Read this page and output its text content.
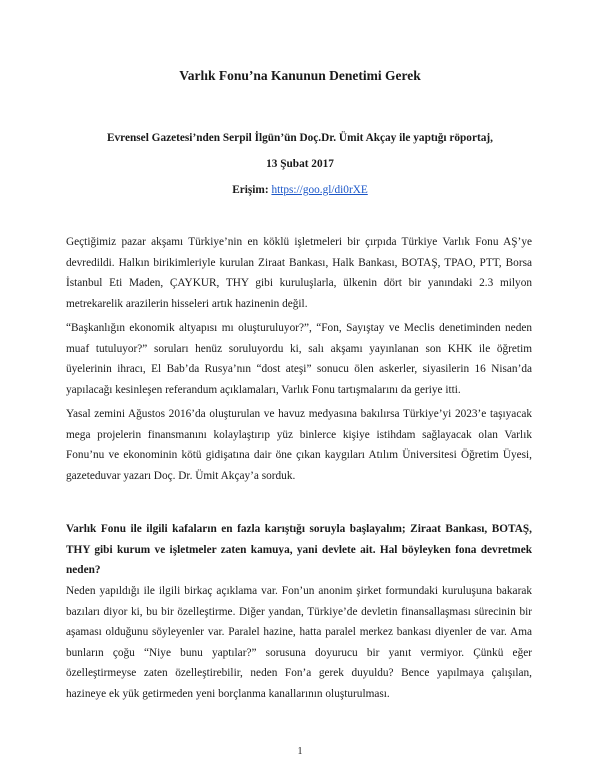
Varlık Fonu’na Kanunun Denetimi Gerek

Evrensel Gazetesi’nden Serpil İlgün’ün Doç.Dr. Ümit Akçay ile yaptığı röportaj,

13 Şubat 2017

Erişim: https://goo.gl/di0rXE

Geçtiğimiz pazar akşamı Türkiye’nin en köklü işletmeleri bir çırpıda Türkiye Varlık Fonu AŞ’ye devredildi. Halkın birikimleriyle kurulan Ziraat Bankası, Halk Bankası, BOTAŞ, TPAO, PTT, Borsa İstanbul Eti Maden, ÇAYKUR, THY gibi kuruluşlarla, ülkenin dört bir yanındaki 2.3 milyon metrekarelik arazilerin hisseleri artık hazinenin değil.

“Başkanlığın ekonomik altyapısı mı oluşturuluyor?”, “Fon, Sayıştay ve Meclis denetiminden neden muaf tutuluyor?” soruları henüz soruluyordu ki, salı akşamı yayınlanan son KHK ile öğretim üyelerinin ihracı, El Bab’da Rusya’nın “dost ateşi” sonucu ölen askerler, siyasilerin 16 Nisan’da yapılacağı kesinleşen referandum açıklamaları, Varlık Fonu tartışmalarını da geriye itti.

Yasal zemini Ağustos 2016’da oluşturulan ve havuz medyasına bakılırsa Türkiye’yi 2023’e taşıyacak mega projelerin finansmanını kolaylaştırıp yüz binlerce kişiye istihdam sağlayacak olan Varlık Fonu’nu ve ekonominin kötü gidişatına dair öne çıkan kaygıları Atılım Üniversitesi Öğretim Üyesi, gazeteduvar yazarı Doç. Dr. Ümit Akçay’a sorduk.

Varlık Fonu ile ilgili kafaların en fazla karıştığı soruyla başlayalım; Ziraat Bankası, BOTAŞ, THY gibi kurum ve işletmeler zaten kamuya, yani devlete ait. Hal böyleyken fona devretmek neden?

Neden yapıldığı ile ilgili birkaç açıklama var. Fon’un anonim şirket formundaki kuruluşuna bakarak bazıları diyor ki, bu bir özelleştirme. Diğer yandan, Türkiye’de devletin finansallaşması sürecinin bir aşaması olduğunu söyleyenler var. Paralel hazine, hatta paralel merkez bankası diyenler de var. Ama bunların çoğu “Niye bunu yaptılar?” sorusuna doyurucu bir yanıt vermiyor. Çünkü eğer özelleştirmeyse zaten özelleştirebilir, neden Fon’a gerek duyuldu? Bence yapılmaya çalışılan, hazineye ek yük getirmeden yeni borçlanma kanallarının oluşturulması.

1
